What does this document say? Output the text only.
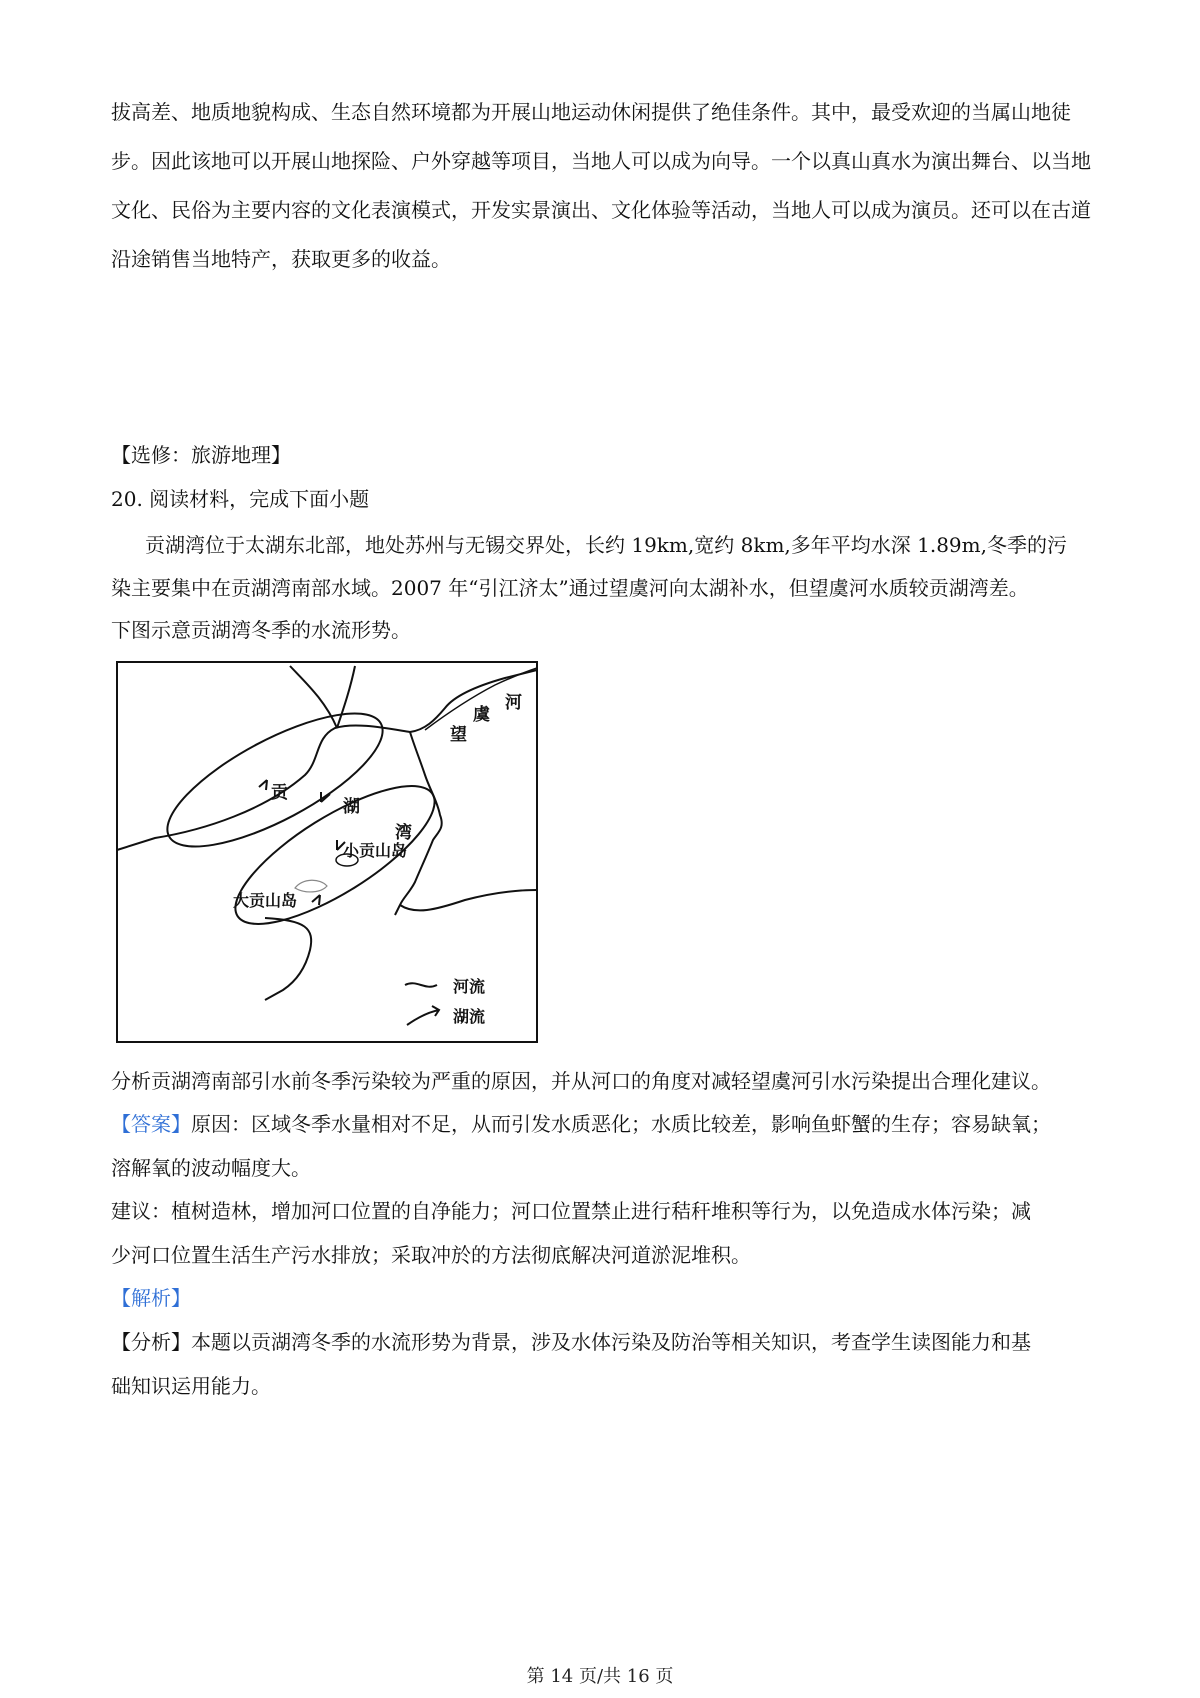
拔高差、地质地貌构成、生态自然环境都为开展山地运动休闲提供了绝佳条件。其中，最受欢迎的当属山地徒步。因此该地可以开展山地探险、户外穿越等项目，当地人可以成为向导。一个以真山真水为演出舞台、以当地文化、民俗为主要内容的文化表演模式，开发实景演出、文化体验等活动，当地人可以成为演员。还可以在古道沿途销售当地特产，获取更多的收益。

【选修：旅游地理】
20. 阅读材料，完成下面小题
贡湖湾位于太湖东北部，地处苏州与无锡交界处，长约 19km,宽约 8km,多年平均水深 1.89m,冬季的污
染主要集中在贡湖湾南部水域。2007 年“引江济太”通过望虞河向太湖补水，但望虞河水质较贡湖湾差。
下图示意贡湖湾冬季的水流形势。
河
虞
望
贡
湖
湾
小贡山岛
大贡山岛
河流
湖流
分析贡湖湾南部引水前冬季污染较为严重的原因，并从河口的角度对减轻望虞河引水污染提出合理化建议。
【答案】原因：区域冬季水量相对不足，从而引发水质恶化；水质比较差，影响鱼虾蟹的生存；容易缺氧；
溶解氧的波动幅度大。
建议：植树造林，增加河口位置的自净能力；河口位置禁止进行秸秆堆积等行为，以免造成水体污染；减
少河口位置生活生产污水排放；采取冲於的方法彻底解决河道淤泥堆积。
【解析】
【分析】本题以贡湖湾冬季的水流形势为背景，涉及水体污染及防治等相关知识，考查学生读图能力和基
础知识运用能力。
第 14 页/共 16 页
